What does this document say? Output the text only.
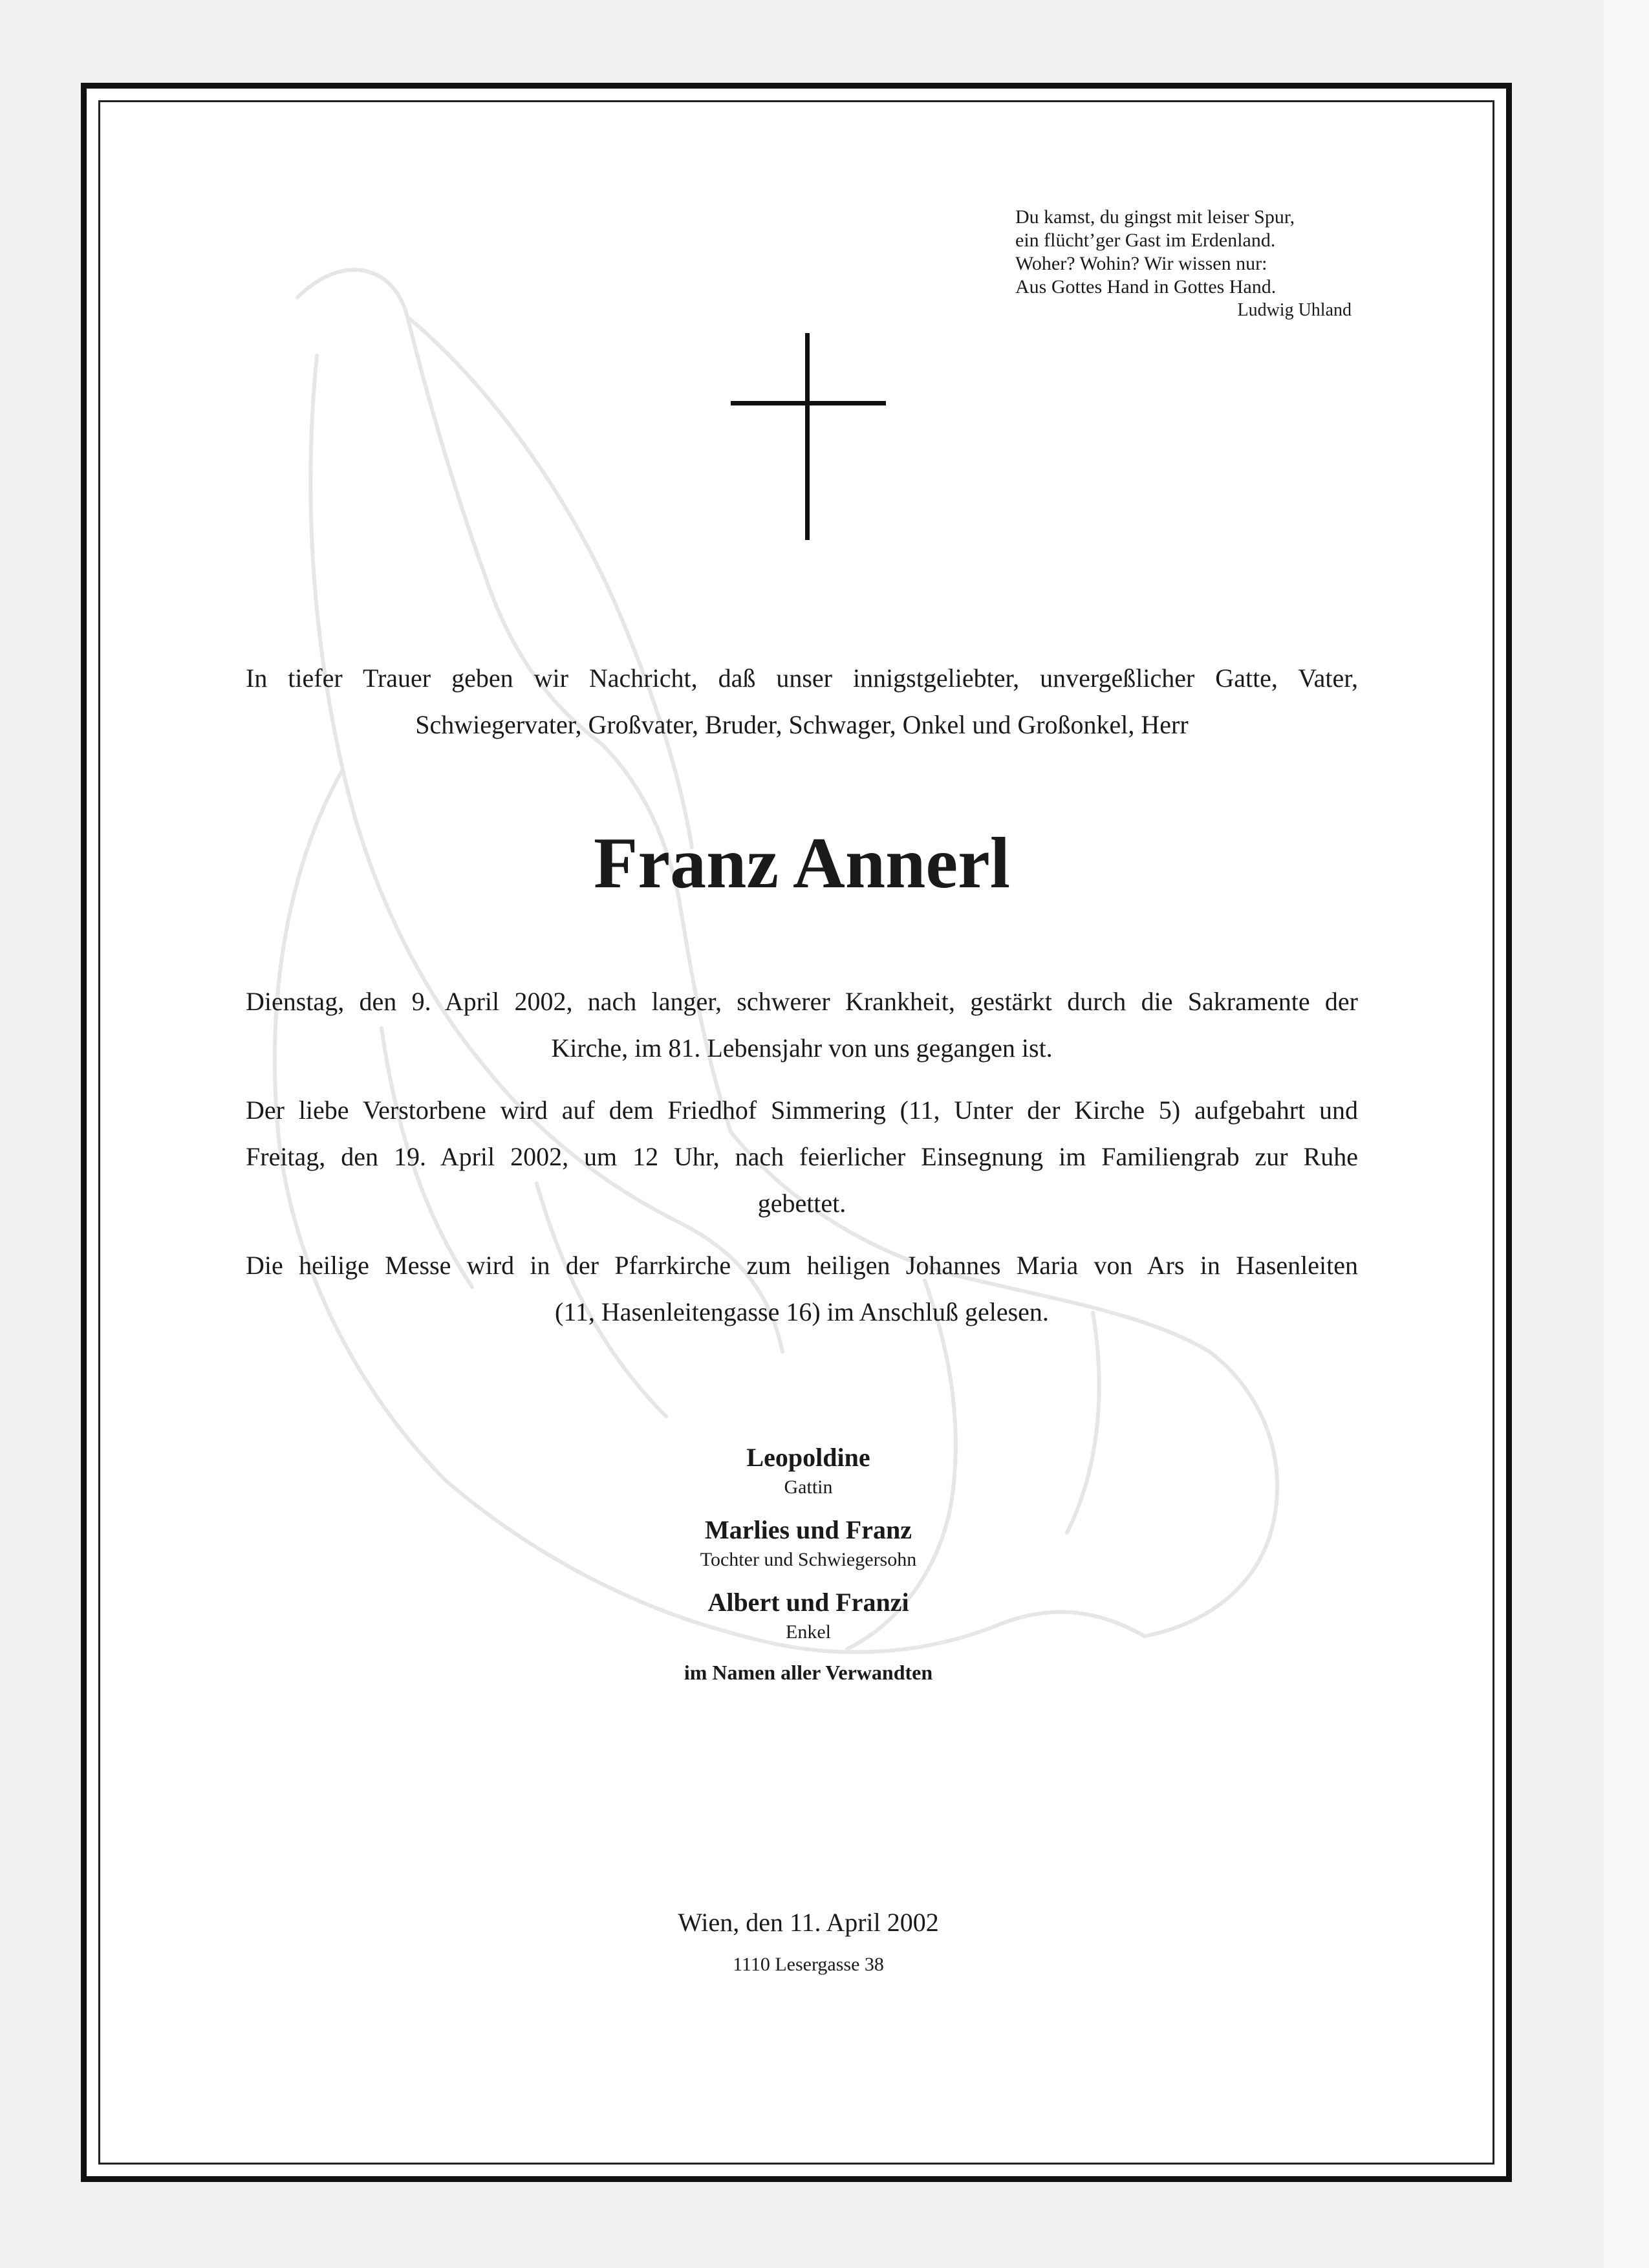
Du kamst, du gingst mit leiser Spur,
ein flücht’ger Gast im Erdenland.
Woher? Wohin? Wir wissen nur:
Aus Gottes Hand in Gottes Hand.
Ludwig Uhland
In tiefer Trauer geben wir Nachricht, daß unser innigstgeliebter, unvergeßlicher Gatte, Vater,
Schwiegervater, Großvater, Bruder, Schwager, Onkel und Großonkel, Herr
Franz Annerl
Dienstag, den 9. April 2002, nach langer, schwerer Krankheit, gestärkt durch die Sakramente der
Kirche, im 81. Lebensjahr von uns gegangen ist.
Der liebe Verstorbene wird auf dem Friedhof Simmering (11, Unter der Kirche 5) aufgebahrt und
Freitag, den 19. April 2002, um 12 Uhr, nach feierlicher Einsegnung im Familiengrab zur Ruhe
gebettet.
Die heilige Messe wird in der Pfarrkirche zum heiligen Johannes Maria von Ars in Hasenleiten
(11, Hasenleitengasse 16) im Anschluß gelesen.
Leopoldine
Gattin
Marlies und Franz
Tochter und Schwiegersohn
Albert und Franzi
Enkel
im Namen aller Verwandten
Wien, den 11. April 2002
1110 Lesergasse 38
